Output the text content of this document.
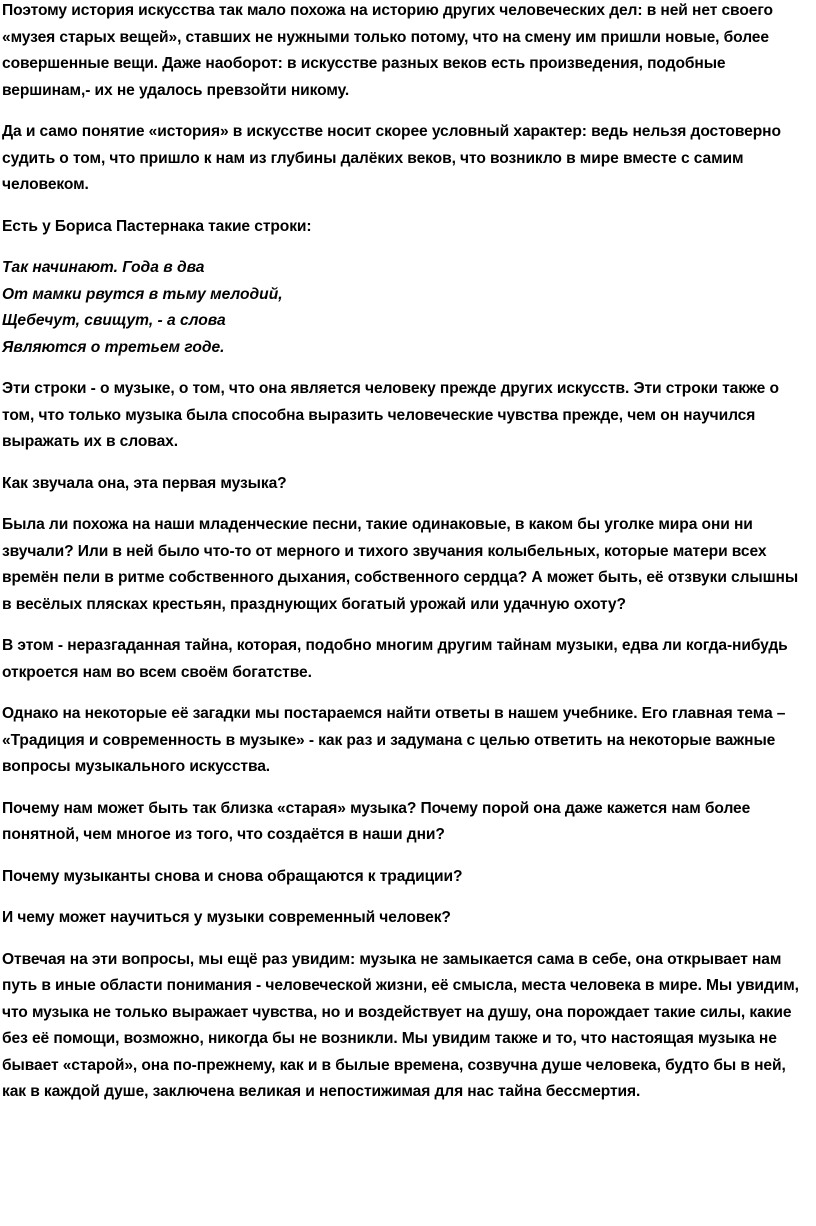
Поэтому история искусства так мало похожа на историю других человеческих дел: в ней нет своего «музея старых вещей», ставших не нужными только потому, что на смену им пришли новые, более совершенные вещи. Даже наоборот: в искусстве разных веков есть произведения, подобные вершинам,- их не удалось превзойти никому.

Да и само понятие «история» в искусстве носит скорее условный характер: ведь нельзя достоверно судить о том, что пришло к нам из глубины далёких веков, что возникло в мире вместе с самим человеком.

Есть у Бориса Пастернака такие строки:

Так начинают. Года в два
От мамки рвутся в тьму мелодий,
Щебечут, свищут, - а слова
Являются о третьем годе.

Эти строки - о музыке, о том, что она является человеку прежде других искусств. Эти строки также о том, что только музыка была способна выразить человеческие чувства прежде, чем он научился выражать их в словах.

Как звучала она, эта первая музыка?

Была ли похожа на наши младенческие песни, такие одинаковые, в каком бы уголке мира они ни звучали? Или в ней было что-то от мерного и тихого звучания колыбельных, которые матери всех времён пели в ритме собственного дыхания, собственного сердца? А может быть, её отзвуки слышны в весёлых плясках крестьян, празднующих богатый урожай или удачную охоту?

В этом - неразгаданная тайна, которая, подобно многим другим тайнам музыки, едва ли когда-нибудь откроется нам во всем своём богатстве.

Однако на некоторые её загадки мы постараемся найти ответы в нашем учебнике. Его главная тема – «Традиция и современность в музыке» - как раз и задумана с целью ответить на некоторые важные вопросы музыкального искусства.

Почему нам может быть так близка «старая» музыка? Почему порой она даже кажется нам более понятной, чем многое из того, что создаётся в наши дни?

Почему музыканты снова и снова обращаются к традиции?

И чему может научиться у музыки современный человек?

Отвечая на эти вопросы, мы ещё раз увидим: музыка не замыкается сама в себе, она открывает нам путь в иные области понимания - человеческой жизни, её смысла, места человека в мире. Мы увидим, что музыка не только выражает чувства, но и воздействует на душу, она порождает такие силы, какие без её помощи, возможно, никогда бы не возникли. Мы увидим также и то, что настоящая музыка не бывает «старой», она по-прежнему, как и в былые времена, созвучна душе человека, будто бы в ней, как в каждой душе, заключена великая и непостижимая для нас тайна бессмертия.
